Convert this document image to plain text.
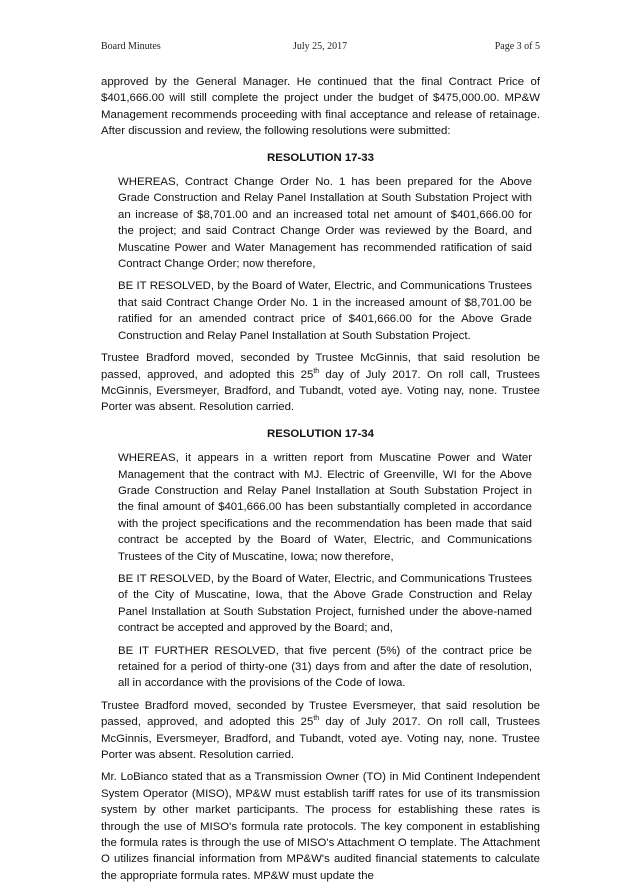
Board Minutes	July 25, 2017	Page 3 of 5

approved by the General Manager. He continued that the final Contract Price of $401,666.00 will still complete the project under the budget of $475,000.00. MP&W Management recommends proceeding with final acceptance and release of retainage. After discussion and review, the following resolutions were submitted:

RESOLUTION 17-33

WHEREAS, Contract Change Order No. 1 has been prepared for the Above Grade Construction and Relay Panel Installation at South Substation Project with an increase of $8,701.00 and an increased total net amount of $401,666.00 for the project; and said Contract Change Order was reviewed by the Board, and Muscatine Power and Water Management has recommended ratification of said Contract Change Order; now therefore,

BE IT RESOLVED, by the Board of Water, Electric, and Communications Trustees that said Contract Change Order No. 1 in the increased amount of $8,701.00 be ratified for an amended contract price of $401,666.00 for the Above Grade Construction and Relay Panel Installation at South Substation Project.

Trustee Bradford moved, seconded by Trustee McGinnis, that said resolution be passed, approved, and adopted this 25th day of July 2017. On roll call, Trustees McGinnis, Eversmeyer, Bradford, and Tubandt, voted aye. Voting nay, none. Trustee Porter was absent. Resolution carried.

RESOLUTION 17-34

WHEREAS, it appears in a written report from Muscatine Power and Water Management that the contract with MJ. Electric of Greenville, WI for the Above Grade Construction and Relay Panel Installation at South Substation Project in the final amount of $401,666.00 has been substantially completed in accordance with the project specifications and the recommendation has been made that said contract be accepted by the Board of Water, Electric, and Communications Trustees of the City of Muscatine, Iowa; now therefore,

BE IT RESOLVED, by the Board of Water, Electric, and Communications Trustees of the City of Muscatine, Iowa, that the Above Grade Construction and Relay Panel Installation at South Substation Project, furnished under the above-named contract be accepted and approved by the Board; and,

BE IT FURTHER RESOLVED, that five percent (5%) of the contract price be retained for a period of thirty-one (31) days from and after the date of resolution, all in accordance with the provisions of the Code of Iowa.

Trustee Bradford moved, seconded by Trustee Eversmeyer, that said resolution be passed, approved, and adopted this 25th day of July 2017. On roll call, Trustees McGinnis, Eversmeyer, Bradford, and Tubandt, voted aye. Voting nay, none. Trustee Porter was absent. Resolution carried.

Mr. LoBianco stated that as a Transmission Owner (TO) in Mid Continent Independent System Operator (MISO), MP&W must establish tariff rates for use of its transmission system by other market participants. The process for establishing these rates is through the use of MISO's formula rate protocols. The key component in establishing the formula rates is through the use of MISO's Attachment O template. The Attachment O utilizes financial information from MP&W's audited financial statements to calculate the appropriate formula rates. MP&W must update the
